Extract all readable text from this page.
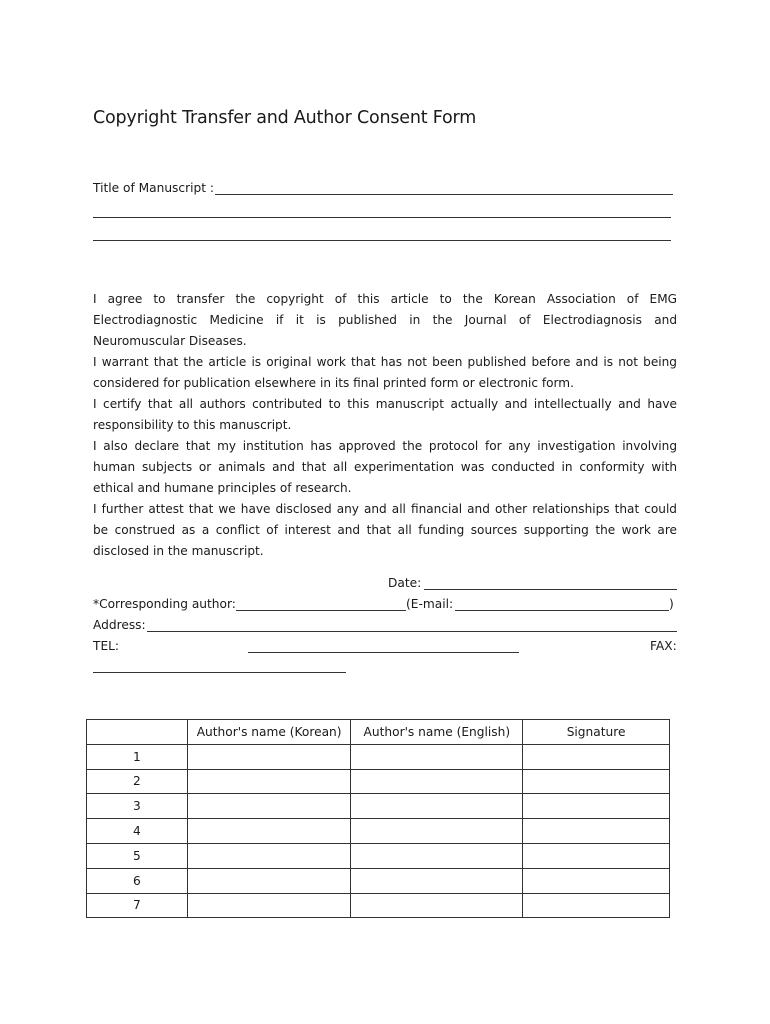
Copyright Transfer and Author Consent Form
Title of Manuscript :

I agree to transfer the copyright of this article to the Korean Association of EMG Electrodiagnostic Medicine if it is published in the Journal of Electrodiagnosis and Neuromuscular Diseases.

I warrant that the article is original work that has not been published before and is not being considered for publication elsewhere in its final printed form or electronic form.

I certify that all authors contributed to this manuscript actually and intellectually and have responsibility to this manuscript.

I also declare that my institution has approved the protocol for any investigation involving human subjects or animals and that all experimentation was conducted in conformity with ethical and humane principles of research.

I further attest that we have disclosed any and all financial and other relationships that could be construed as a conflict of interest and that all funding sources supporting the work are disclosed in the manuscript.

Date:
*Corresponding author:	(E-mail:	)
Address:
TEL:	FAX:
	Author's name (Korean)	Author's name (English)	Signature
1			
2			
3			
4			
5			
6			
7			
